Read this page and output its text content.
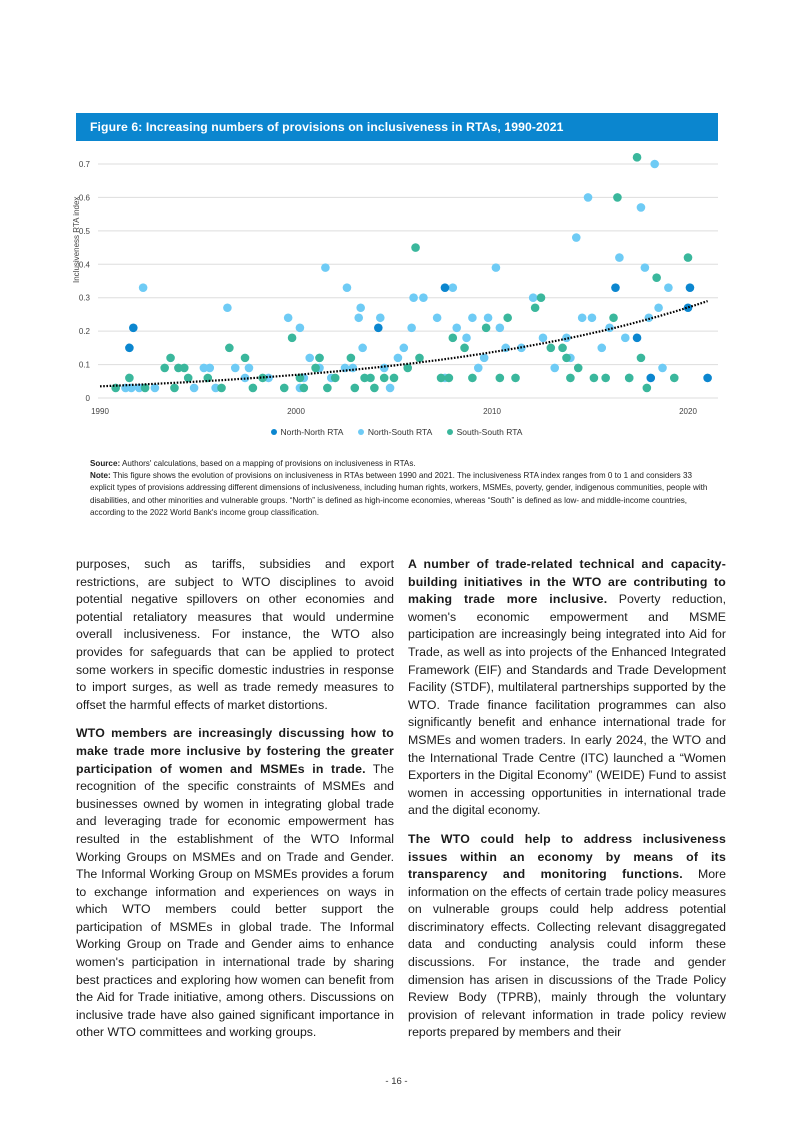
Figure 6: Increasing numbers of provisions on inclusiveness in RTAs, 1990-2021
0
0.1
0.2
0.3
0.4
0.5
0.6
0.7
1990	2000	2010	2020
Inclusiveness RTA index
North-North RTA	North-South RTA	South-South RTA
Source: Authors' calculations, based on a mapping of provisions on inclusiveness in RTAs.
Note: This figure shows the evolution of provisions on inclusiveness in RTAs between 1990 and 2021. The inclusiveness RTA index ranges from 0 to 1 and considers 33 explicit types of provisions addressing different dimensions of inclusiveness, including human rights, workers, MSMEs, poverty, gender, indigenous communities, people with disabilities, and other minorities and vulnerable groups. “North” is defined as high-income economies, whereas “South” is defined as low- and middle-income countries, according to the 2022 World Bank's income group classification.

purposes, such as tariffs, subsidies and export restrictions, are subject to WTO disciplines to avoid potential negative spillovers on other economies and potential retaliatory measures that would undermine overall inclusiveness. For instance, the WTO also provides for safeguards that can be applied to protect some workers in specific domestic industries in response to import surges, as well as trade remedy measures to offset the harmful effects of market distortions.

WTO members are increasingly discussing how to make trade more inclusive by fostering the greater participation of women and MSMEs in trade. The recognition of the specific constraints of MSMEs and businesses owned by women in integrating global trade and leveraging trade for economic empowerment has resulted in the establishment of the WTO Informal Working Groups on MSMEs and on Trade and Gender. The Informal Working Group on MSMEs provides a forum to exchange information and experiences on ways in which WTO members could better support the participation of MSMEs in global trade. The Informal Working Group on Trade and Gender aims to enhance women's participation in international trade by sharing best practices and exploring how women can benefit from the Aid for Trade initiative, among others. Discussions on inclusive trade have also gained significant importance in other WTO committees and working groups.

A number of trade-related technical and capacity-building initiatives in the WTO are contributing to making trade more inclusive. Poverty reduction, women's economic empowerment and MSME participation are increasingly being integrated into Aid for Trade, as well as into projects of the Enhanced Integrated Framework (EIF) and Standards and Trade Development Facility (STDF), multilateral partnerships supported by the WTO. Trade finance facilitation programmes can also significantly benefit and enhance international trade for MSMEs and women traders. In early 2024, the WTO and the International Trade Centre (ITC) launched a “Women Exporters in the Digital Economy” (WEIDE) Fund to assist women in accessing opportunities in international trade and the digital economy.

The WTO could help to address inclusiveness issues within an economy by means of its transparency and monitoring functions. More information on the effects of certain trade policy measures on vulnerable groups could help address potential discriminatory effects. Collecting relevant disaggregated data and conducting analysis could inform these discussions. For instance, the trade and gender dimension has arisen in discussions of the Trade Policy Review Body (TPRB), mainly through the voluntary provision of relevant information in trade policy review reports prepared by members and their

- 16 -
